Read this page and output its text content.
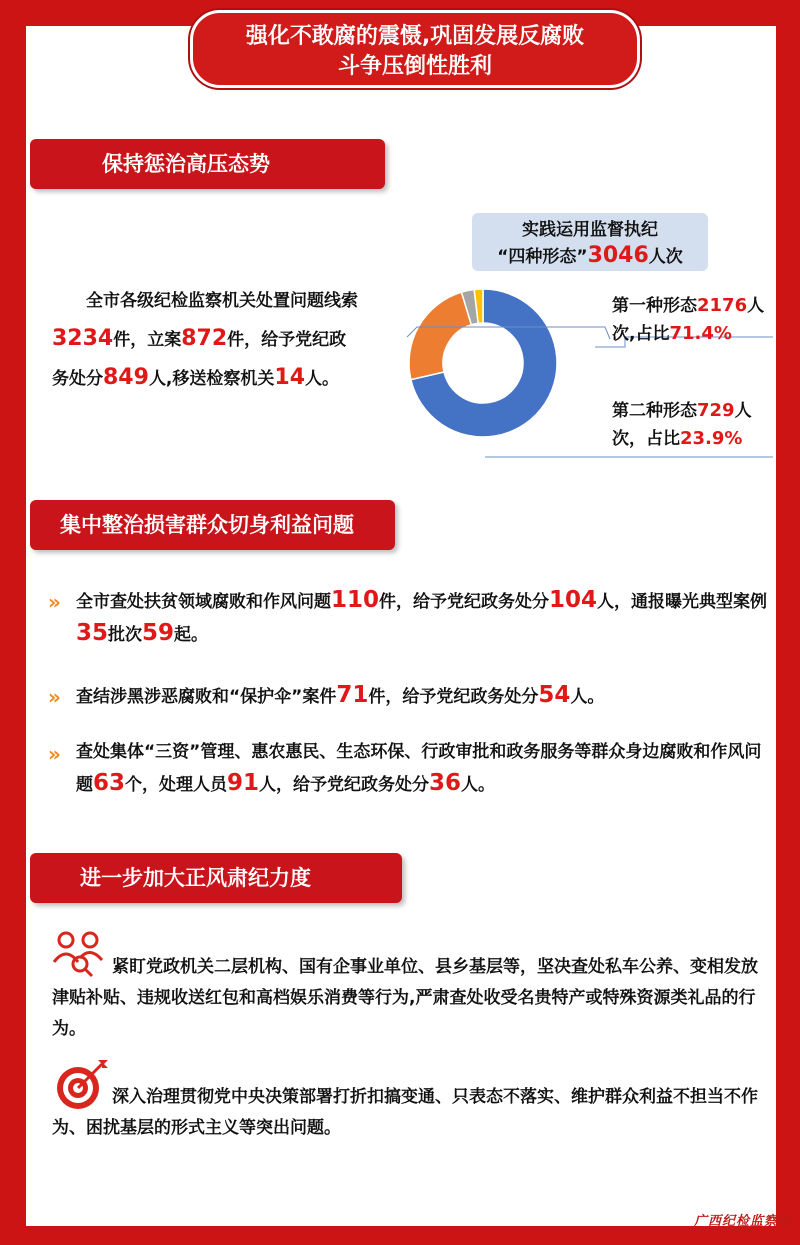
强化不敢腐的震慑,巩固发展反腐败
斗争压倒性胜利
保持惩治高压态势
全市各级纪检监察机关处置问题线索3234件，立案872件，给予党纪政务处分849人,移送检察机关14人。
实践运用监督执纪
“四种形态”3046人次
第一种形态2176人次,占比71.4%
第二种形态729人次，占比23.9%
集中整治损害群众切身利益问题
» 全市查处扶贫领域腐败和作风问题110件，给予党纪政务处分104人，通报曝光典型案例35批次59起。
» 查结涉黑涉恶腐败和“保护伞”案件71件，给予党纪政务处分54人。
» 查处集体“三资”管理、惠农惠民、生态环保、行政审批和政务服务等群众身边腐败和作风问题63个，处理人员91人，给予党纪政务处分36人。
进一步加大正风肃纪力度
紧盯党政机关二层机构、国有企事业单位、县乡基层等，坚决查处私车公养、变相发放津贴补贴、违规收送红包和高档娱乐消费等行为,严肃查处收受名贵特产或特殊资源类礼品的行为。
深入治理贯彻党中央决策部署打折扣搞变通、只表态不落实、维护群众利益不担当不作为、困扰基层的形式主义等突出问题。
广西纪检监察网
